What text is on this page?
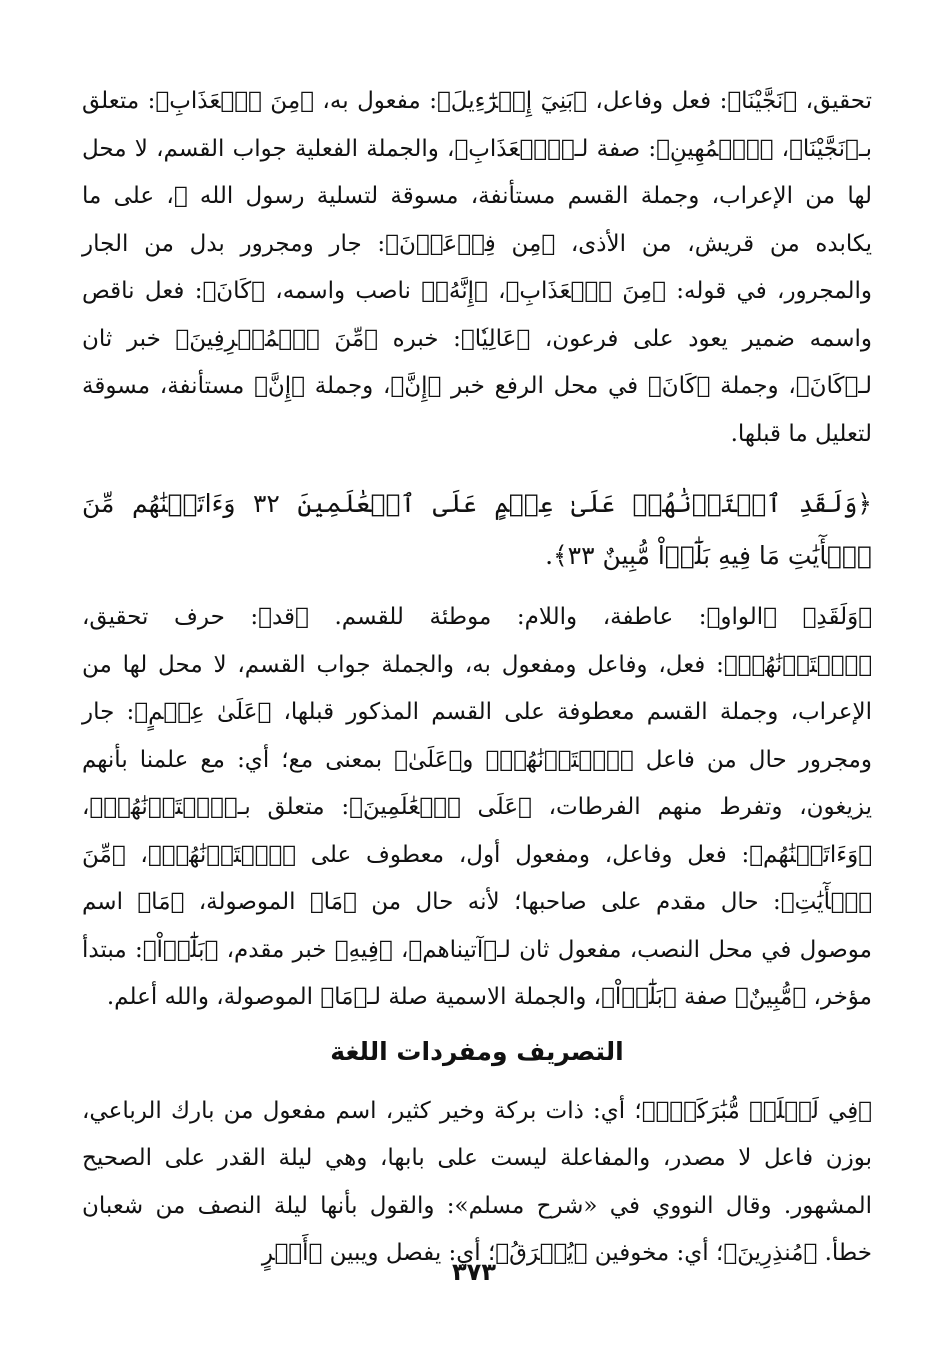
تحقيق، ﴿نَجَّيْنَا﴾: فعل وفاعل، ﴿بَنِيٓ إِسۡرَٰٓءِيلَ﴾: مفعول به، ﴿مِنَ ٱلۡعَذَابِ﴾: متعلق بـ﴿نَجَّيْنَا﴾، ﴿ٱلۡمُهِينِ﴾: صفة لـ﴿ٱلۡعَذَابِ﴾، والجملة الفعلية جواب القسم، لا محل لها من الإعراب، وجملة القسم مستأنفة، مسوقة لتسلية رسول الله ﷺ، على ما يكابده من قريش، من الأذى، ﴿مِن فِرۡعَوۡنَ﴾: جار ومجرور بدل من الجار والمجرور، في قوله: ﴿مِنَ ٱلۡعَذَابِ﴾، ﴿إِنَّهُۥ﴾ ناصب واسمه، ﴿كَانَ﴾: فعل ناقص واسمه ضمير يعود على فرعون، ﴿عَالِيٗا﴾: خبره ﴿مِّنَ ٱلۡمُسۡرِفِينَ﴾ خبر ثان لـ﴿كَانَ﴾، وجملة ﴿كَانَ﴾ في محل الرفع خبر ﴿إِنَّ﴾، وجملة ﴿إِنَّ﴾ مستأنفة، مسوقة لتعليل ما قبلها.

﴿وَلَقَدِ ٱخۡتَرۡنَٰهُمۡ عَلَىٰ عِلۡمٍ عَلَى ٱلۡعَٰلَمِينَ ٣٢ وَءَاتَيۡنَٰهُم مِّنَ ٱلۡأٓيَٰتِ مَا فِيهِ بَلَٰٓؤٞاْ مُّبِينٌ ٣٣﴾.

﴿وَلَقَدِ﴾ ﴿الواو﴾: عاطفة، واللام: موطئة للقسم. ﴿قد﴾: حرف تحقيق، ﴿ٱخۡتَرۡنَٰهُمۡ﴾: فعل، وفاعل ومفعول به، والجملة جواب القسم، لا محل لها من الإعراب، وجملة القسم معطوفة على القسم المذكور قبلها، ﴿عَلَىٰ عِلۡمٍ﴾: جار ومجرور حال من فاعل ﴿ٱخۡتَرۡنَٰهُمۡ﴾ و﴿عَلَىٰ﴾ بمعنى مع؛ أي: مع علمنا بأنهم يزيغون، وتفرط منهم الفرطات، ﴿عَلَى ٱلۡعَٰلَمِينَ﴾: متعلق بـ﴿ٱخۡتَرۡنَٰهُمۡ﴾، ﴿وَءَاتَيۡنَٰهُم﴾: فعل وفاعل، ومفعول أول، معطوف على ﴿ٱخۡتَرۡنَٰهُمۡ﴾، ﴿مِّنَ ٱلۡأٓيَٰتِ﴾: حال مقدم على صاحبها؛ لأنه حال من ﴿مَا﴾ الموصولة، ﴿مَا﴾ اسم موصول في محل النصب، مفعول ثان لـ﴿آتيناهم﴾، ﴿فِيهِ﴾ خبر مقدم، ﴿بَلَٰٓؤٞاْ﴾: مبتدأ مؤخر، ﴿مُّبِينٌ﴾ صفة ﴿بَلَٰٓؤٞاْ﴾، والجملة الاسمية صلة لـ﴿مَا﴾ الموصولة، والله أعلم.

التصريف ومفردات اللغة

﴿فِي لَيۡلَةٖ مُّبَٰرَكَةٍۚ﴾؛ أي: ذات بركة وخير كثير، اسم مفعول من بارك الرباعي، بوزن فاعل لا مصدر، والمفاعلة ليست على بابها، وهي ليلة القدر على الصحيح المشهور. وقال النووي في «شرح مسلم»: والقول بأنها ليلة النصف من شعبان خطأ. ﴿مُنذِرِينَ﴾؛ أي: مخوفين ﴿يُفۡرَقُ﴾؛ أي: يفصل ويبين ﴿أَمۡرٍ

٣٧٣
